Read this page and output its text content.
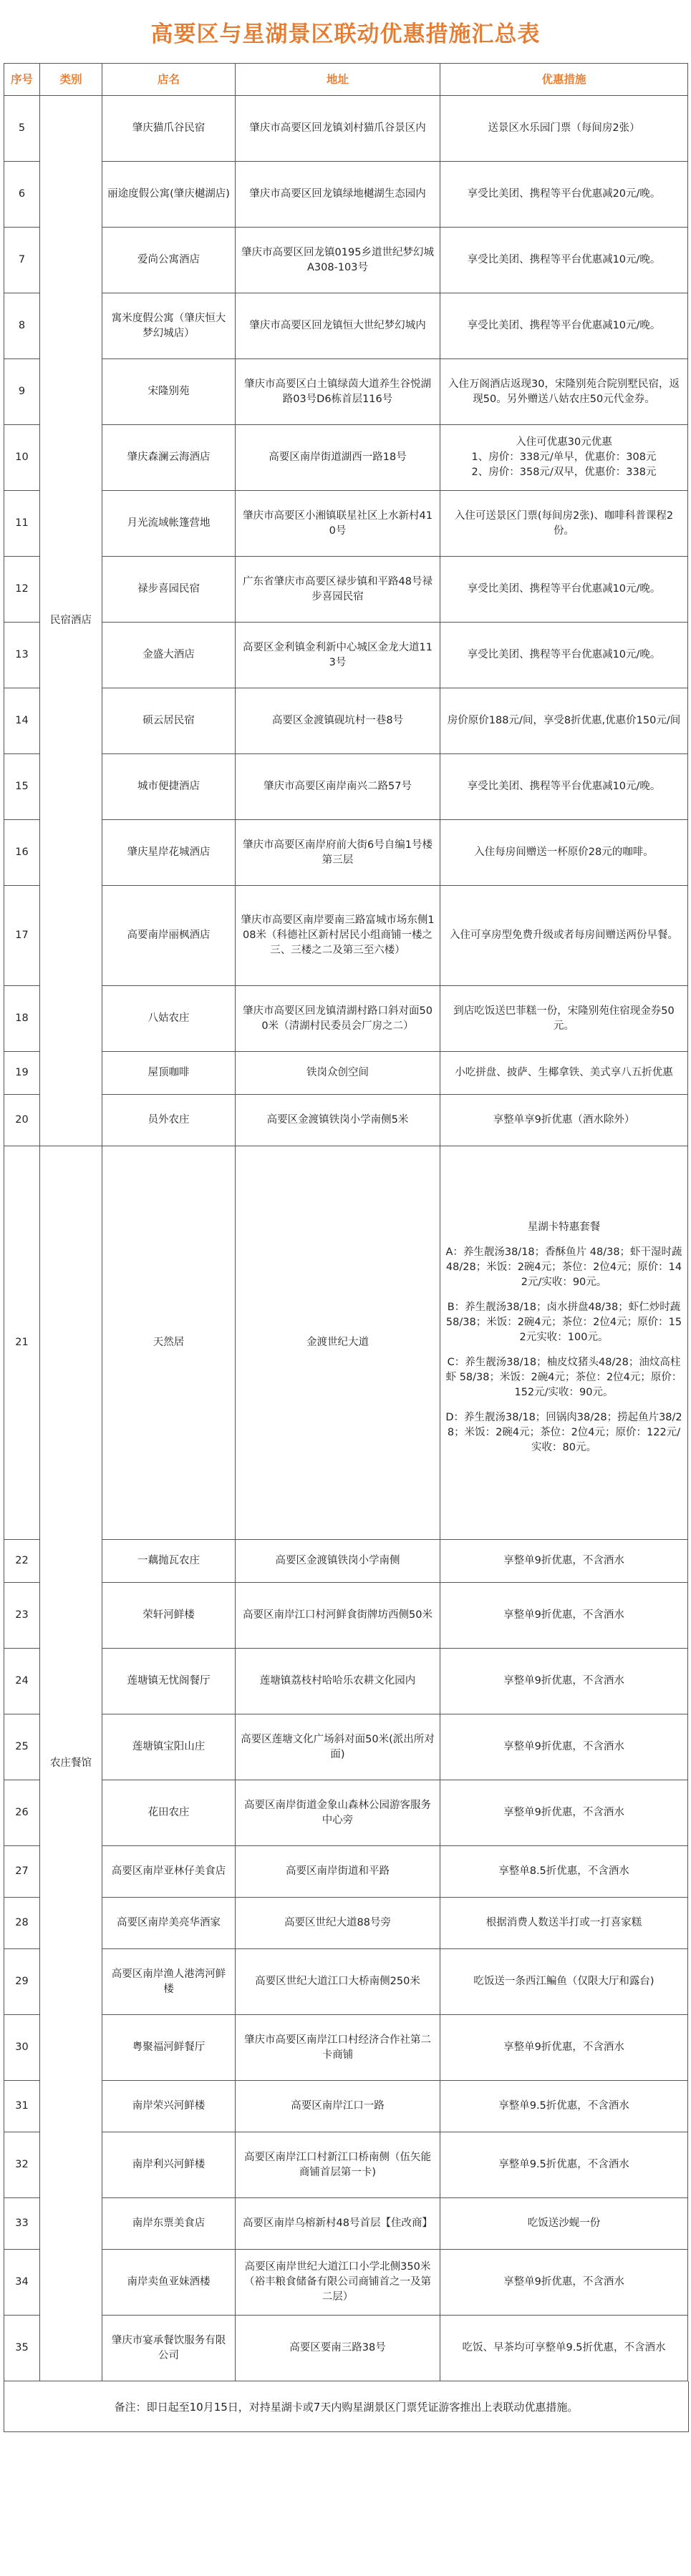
高要区与星湖景区联动优惠措施汇总表
序号	类别	店名	地址	优惠措施
5	民宿酒店	肇庆猫爪谷民宿	肇庆市高要区回龙镇刘村猫爪谷景区内	送景区水乐园门票（每间房2张）
6		丽途度假公寓(肇庆樾湖店)	肇庆市高要区回龙镇绿地樾湖生态园内	享受比美团、携程等平台优惠减20元/晚。
7		爱尚公寓酒店	肇庆市高要区回龙镇0195乡道世纪梦幻城A308-103号	享受比美团、携程等平台优惠减10元/晚。
8		寓米度假公寓（肇庆恒大梦幻城店）	肇庆市高要区回龙镇恒大世纪梦幻城内	享受比美团、携程等平台优惠减10元/晚。
9		宋隆别苑	肇庆市高要区白土镇绿茵大道养生谷悦湖路03号D6栋首层116号	入住万阁酒店返现30，宋隆别苑合院别墅民宿，返现50。另外赠送八姑农庄50元代金券。
10		肇庆森澜云海酒店	高要区南岸街道湖西一路18号	入住可优惠30元优惠
1、房价：338元/单早，优惠价：308元
2、房价：358元/双早，优惠价：338元
11		月光流域帐篷营地	肇庆市高要区小湘镇联星社区上水新村410号	入住可送景区门票(每间房2张)、咖啡科普课程2份。
12		禄步喜园民宿	广东省肇庆市高要区禄步镇和平路48号禄步喜园民宿	享受比美团、携程等平台优惠减10元/晚。
13		金盛大酒店	高要区金利镇金利新中心城区金龙大道113号	享受比美团、携程等平台优惠减10元/晚。
14		硕云居民宿	高要区金渡镇砚坑村一巷8号	房价原价188元/间，享受8折优惠,优惠价150元/间
15		城市便捷酒店	肇庆市高要区南岸南兴二路57号	享受比美团、携程等平台优惠减10元/晚。
16		肇庆星岸花城酒店	肇庆市高要区南岸府前大街6号自编1号楼第三层	入住每房间赠送一杯原价28元的咖啡。
17		高要南岸丽枫酒店	肇庆市高要区南岸要南三路富城市场东侧108米（科德社区新村居民小组商铺一楼之三、三楼之二及第三至六楼）	入住可享房型免费升级或者每房间赠送两份早餐。
18		八姑农庄	肇庆市高要区回龙镇清湖村路口斜对面500米（清湖村民委员会厂房之二）	到店吃饭送巴菲糕一份，宋隆别苑住宿现金券50元。
19		屋顶咖啡	铁岗众创空间	小吃拼盘、披萨、生椰拿铁、美式享八五折优惠
20		员外农庄	高要区金渡镇铁岗小学南侧5米	享整单享9折优惠（酒水除外）
21	农庄餐馆	天然居	金渡世纪大道	星湖卡特惠套餐
A：养生靓汤38/18；香酥鱼片 48/38；虾干湿时蔬48/28；米饭：2碗4元；茶位：2位4元；原价：142元/实收：90元。
B：养生靓汤38/18；卤水拼盘48/38；虾仁炒时蔬58/38；米饭：2碗4元；茶位：2位4元；原价：152元实收：100元。
C：养生靓汤38/18；柚皮炆猪头48/28；油炆高柱虾 58/38；米饭：2碗4元；茶位：2位4元；原价：152元/实收：90元。
D：养生靓汤38/18；回锅肉38/28；捞起鱼片38/28；米饭：2碗4元；茶位：2位4元；原价：122元/实收：80元。

22		一藕抛瓦农庄	高要区金渡镇铁岗小学南侧	享整单9折优惠，不含酒水
23		荣轩河鲜楼	高要区南岸江口村河鲜食街牌坊西侧50米	享整单9折优惠，不含酒水
24		莲塘镇无忧阁餐厅	莲塘镇荔枝村哈哈乐农耕文化园内	享整单9折优惠，不含酒水
25		莲塘镇宝阳山庄	高要区莲塘文化广场斜对面50米(派出所对面)	享整单9折优惠，不含酒水
26		花田农庄	高要区南岸街道金象山森林公园游客服务中心旁	享整单9折优惠，不含酒水
27		高要区南岸亚林仔美食店	高要区南岸街道和平路	享整单8.5折优惠，不含酒水
28		高要区南岸美亮华酒家	高要区世纪大道88号旁	根据消费人数送半打或一打喜家糕
29		高要区南岸渔人港湾河鲜楼	高要区世纪大道江口大桥南侧250米	吃饭送一条西江鳊鱼（仅限大厅和露台)
30		粤聚福河鲜餐厅	肇庆市高要区南岸江口村经济合作社第二卡商铺	享整单9折优惠，不含酒水
31		南岸荣兴河鲜楼	高要区南岸江口一路	享整单9.5折优惠，不含酒水
32		南岸利兴河鲜楼	高要区南岸江口村新江口桥南侧（伍矢能商铺首层第一卡)	享整单9.5折优惠，不含酒水
33		南岸东票美食店	高要区南岸乌榕新村48号首层【住改商】	吃饭送沙蚬一份
34		南岸卖鱼亚妹酒楼	高要区南岸世纪大道江口小学北侧350米（裕丰粮食储备有限公司商铺首之一及第二层）	享整单9折优惠，不含酒水
35		肇庆市宴承餐饮服务有限公司	高要区要南三路38号	吃饭、早茶均可享整单9.5折优惠，不含酒水
备注：即日起至10月15日，对持星湖卡或7天内购星湖景区门票凭证游客推出上表联动优惠措施。
